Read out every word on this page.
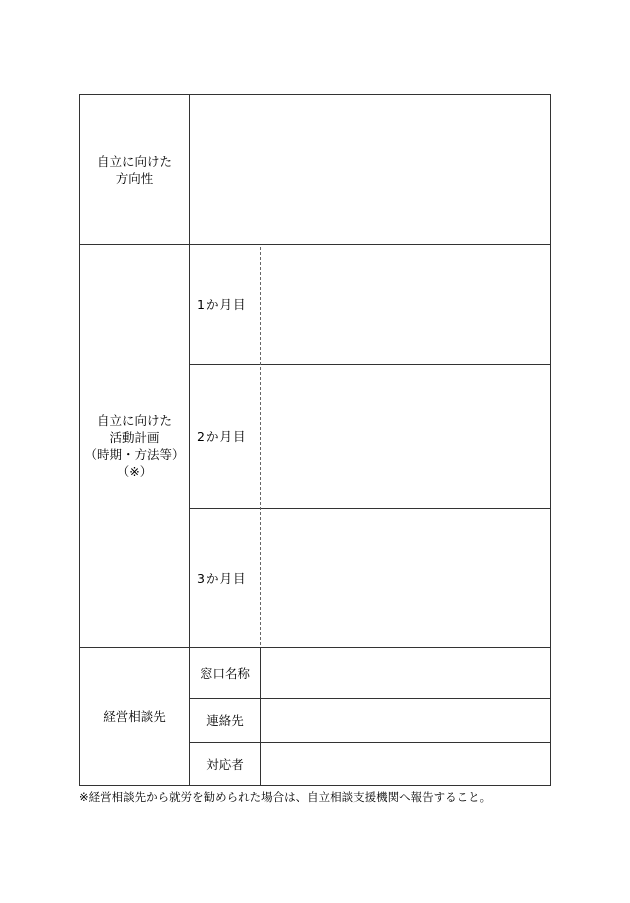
自立に向けた
方向性
自立に向けた
活動計画
（時期・方法等）
（※）
1か月目
2か月目
3か月目
経営相談先
窓口名称
連絡先
対応者
※経営相談先から就労を勧められた場合は、自立相談支援機関へ報告すること。
